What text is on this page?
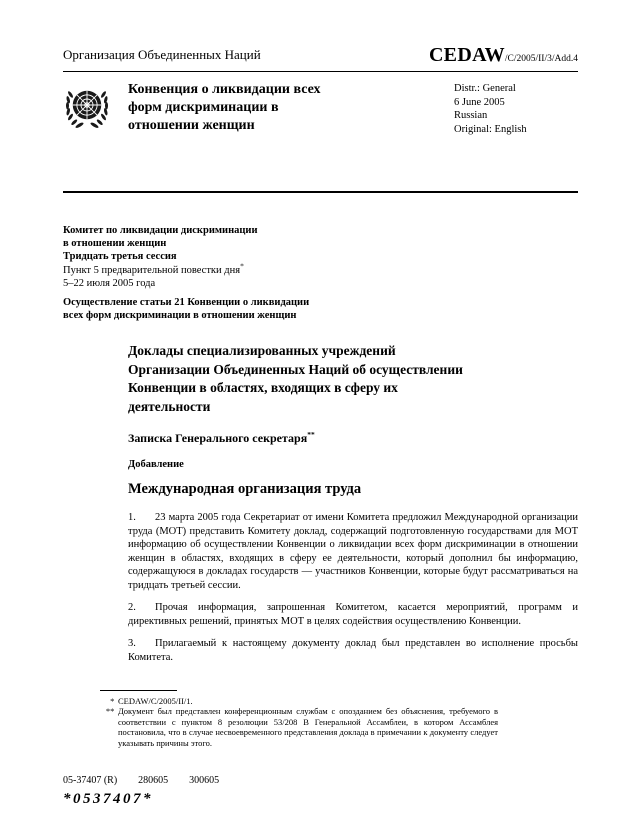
Организация Объединенных Наций	CEDAW/C/2005/II/3/Add.4
Конвенция о ликвидации всех форм дискриминации в отношении женщин
Distr.: General
6 June 2005
Russian
Original: English
Комитет по ликвидации дискриминации
в отношении женщин
Тридцать третья сессия
Пункт 5 предварительной повестки дня*
5–22 июля 2005 года
Осуществление статьи 21 Конвенции о ликвидации
всех форм дискриминации в отношении женщин
Доклады специализированных учреждений Организации Объединенных Наций об осуществлении Конвенции в областях, входящих в сферу их деятельности
Записка Генерального секретаря**
Добавление
Международная организация труда

1. 23 марта 2005 года Секретариат от имени Комитета предложил Международной организации труда (МОТ) представить Комитету доклад, содержащий подготовленную государствами для МОТ информацию об осуществлении Конвенции о ликвидации всех форм дискриминации в отношении женщин в областях, входящих в сферу ее деятельности, который дополнил бы информацию, содержащуюся в докладах государств — участников Конвенции, которые будут рассматриваться на тридцать третьей сессии.

2. Прочая информация, запрошенная Комитетом, касается мероприятий, программ и директивных решений, принятых МОТ в целях содействия осуществлению Конвенции.

3. Прилагаемый к настоящему документу доклад был представлен во исполнение просьбы Комитета.

* CEDAW/C/2005/II/1.
** Документ был представлен конференционным службам с опозданием без объяснения, требуемого в соответствии с пунктом 8 резолюции 53/208 В Генеральной Ассамблеи, в котором Ассамблея постановила, что в случае несвоевременного представления доклада в примечании к документу следует указывать причины этого.
05-37407 (R) 280605 300605
*0537407*
